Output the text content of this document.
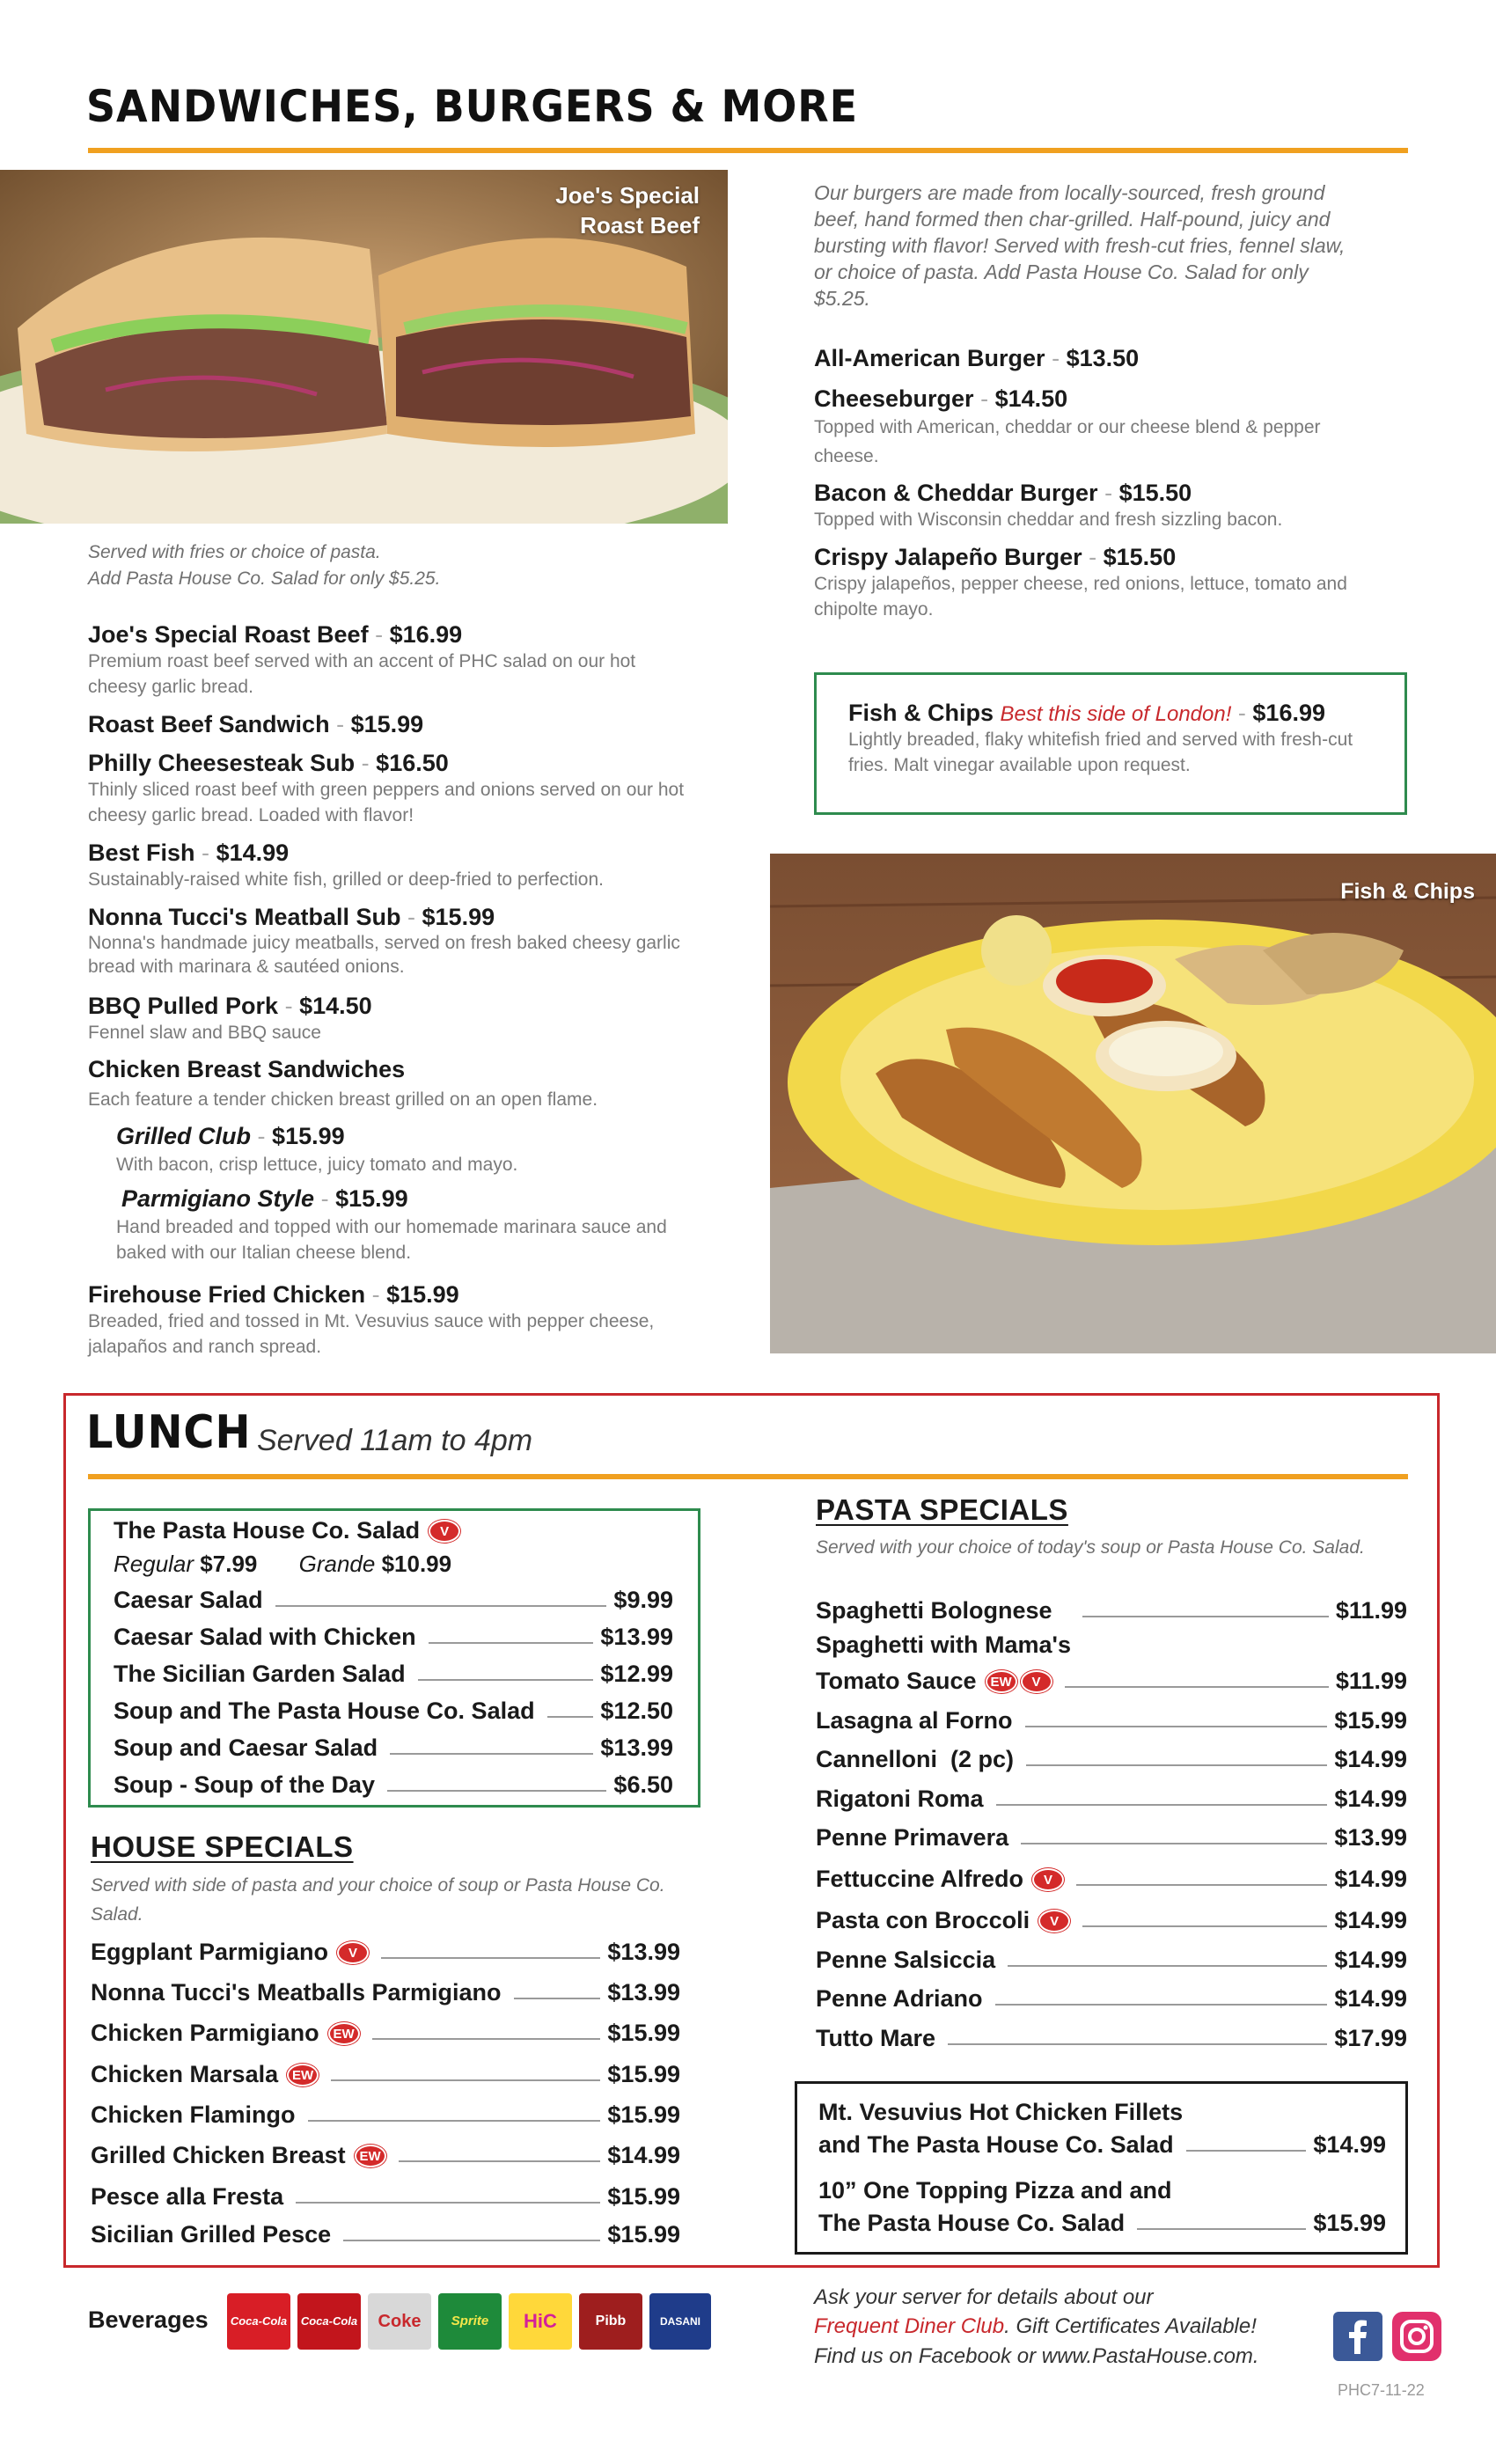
SANDWICHES, BURGERS & MORE
Joe's Special
Roast Beef
Served with fries or choice of pasta.
Add Pasta House Co. Salad for only $5.25.
Joe's Special Roast Beef - $16.99
Premium roast beef served with an accent of PHC salad on our hot cheesy garlic bread.
Roast Beef Sandwich - $15.99
Philly Cheesesteak Sub - $16.50
Thinly sliced roast beef with green peppers and onions served on our hot cheesy garlic bread. Loaded with flavor!
Best Fish - $14.99
Sustainably-raised white fish, grilled or deep-fried to perfection.
Nonna Tucci's Meatball Sub - $15.99
Nonna's handmade juicy meatballs, served on fresh baked cheesy garlic bread with marinara & sautéed onions.
BBQ Pulled Pork - $14.50
Fennel slaw and BBQ sauce
Chicken Breast Sandwiches
Each feature a tender chicken breast grilled on an open flame.
Grilled Club - $15.99
With bacon, crisp lettuce, juicy tomato and mayo.
Parmigiano Style - $15.99
Hand breaded and topped with our homemade marinara sauce and baked with our Italian cheese blend.
Firehouse Fried Chicken - $15.99
Breaded, fried and tossed in Mt. Vesuvius sauce with pepper cheese, jalapaños and ranch spread.
Our burgers are made from locally-sourced, fresh ground beef, hand formed then char-grilled. Half-pound, juicy and bursting with flavor! Served with fresh-cut fries, fennel slaw, or choice of pasta. Add Pasta House Co. Salad for only $5.25.
All-American Burger - $13.50
Cheeseburger - $14.50
Topped with American, cheddar or our cheese blend & pepper cheese.
Bacon & Cheddar Burger - $15.50
Topped with Wisconsin cheddar and fresh sizzling bacon.
Crispy Jalapeño Burger - $15.50
Crispy jalapeños, pepper cheese, red onions, lettuce, tomato and chipolte mayo.
Fish & Chips Best this side of London! - $16.99
Lightly breaded, flaky whitefish fried and served with fresh-cut fries. Malt vinegar available upon request.
Fish & Chips
LUNCH Served 11am to 4pm
The Pasta House Co. Salad	V
Regular $7.99 Grande $10.99
Caesar Salad	$9.99
Caesar Salad with Chicken	$13.99
The Sicilian Garden Salad	$12.99
Soup and The Pasta House Co. Salad	$12.50
Soup and Caesar Salad	$13.99
Soup - Soup of the Day	$6.50
HOUSE SPECIALS
Served with side of pasta and your choice of soup or Pasta House Co. Salad.
Eggplant Parmigiano	V	$13.99
Nonna Tucci's Meatballs Parmigiano	$13.99
Chicken Parmigiano	EW	$15.99
Chicken Marsala	EW	$15.99
Chicken Flamingo	$15.99
Grilled Chicken Breast	EW	$14.99
Pesce alla Fresta	$15.99
Sicilian Grilled Pesce	$15.99
PASTA SPECIALS
Served with your choice of today's soup or Pasta House Co. Salad.
Spaghetti Bolognese	$11.99
Spaghetti with Mama's
Tomato Sauce	EW	V	$11.99
Lasagna al Forno	$15.99
Cannelloni  (2 pc)	$14.99
Rigatoni Roma	$14.99
Penne Primavera	$13.99
Fettuccine Alfredo	V	$14.99
Pasta con Broccoli	V	$14.99
Penne Salsiccia	$14.99
Penne Adriano	$14.99
Tutto Mare	$17.99
Mt. Vesuvius Hot Chicken Fillets
and The Pasta House Co. Salad	$14.99
10” One Topping Pizza and and
The Pasta House Co. Salad	$15.99
Beverages Coca-Cola Coca-Cola	Coke	Sprite	HiC	Pibb	DASANI
Ask your server for details about our
Frequent Diner Club. Gift Certificates Available!
Find us on Facebook or www.PastaHouse.com.
PHC7-11-22
